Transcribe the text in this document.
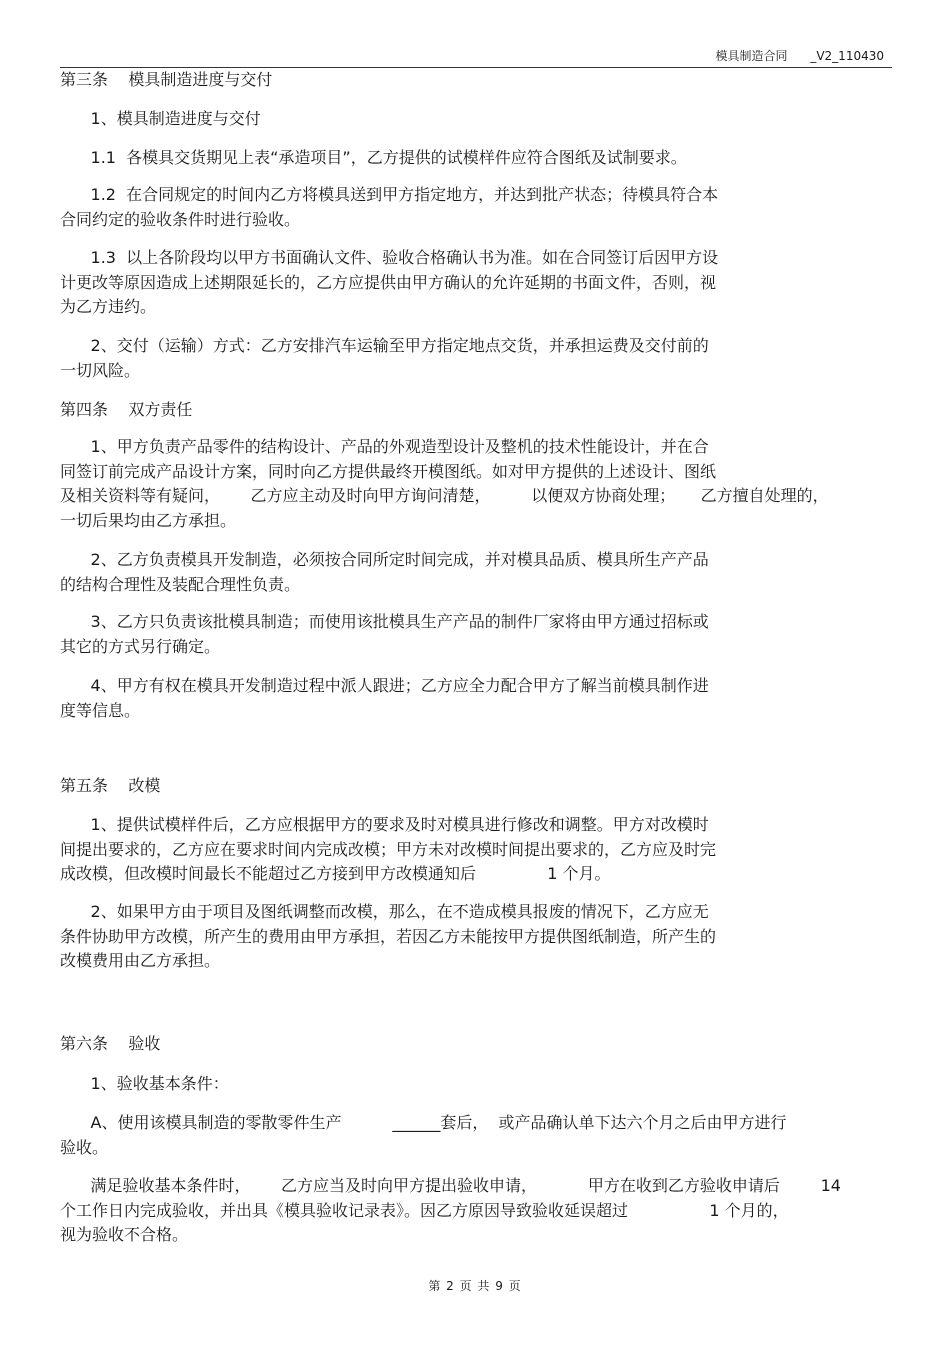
模具制造合同      _V2_110430
第三条    模具制造进度与交付
1、模具制造进度与交付
1.1  各模具交货期见上表“承造项目”，乙方提供的试模样件应符合图纸及试制要求。
1.2  在合同规定的时间内乙方将模具送到甲方指定地方，并达到批产状态；待模具符合本
合同约定的验收条件时进行验收。
1.3  以上各阶段均以甲方书面确认文件、验收合格确认书为准。如在合同签订后因甲方设
计更改等原因造成上述期限延长的，乙方应提供由甲方确认的允许延期的书面文件，否则，视
为乙方违约。
2、交付（运输）方式：乙方安排汽车运输至甲方指定地点交货，并承担运费及交付前的
一切风险。
第四条    双方责任
1、甲方负责产品零件的结构设计、产品的外观造型设计及整机的技术性能设计，并在合
同签订前完成产品设计方案，同时向乙方提供最终开模图纸。如对甲方提供的上述设计、图纸
及相关资料等有疑问，      乙方应主动及时向甲方询问清楚，        以便双方协商处理；     乙方擅自处理的，
一切后果均由乙方承担。
2、乙方负责模具开发制造，必须按合同所定时间完成，并对模具品质、模具所生产产品
的结构合理性及装配合理性负责。
3、乙方只负责该批模具制造；而使用该批模具生产产品的制件厂家将由甲方通过招标或
其它的方式另行确定。
4、甲方有权在模具开发制造过程中派人跟进；乙方应全力配合甲方了解当前模具制作进
度等信息。
第五条    改模
1、提供试模样件后，乙方应根据甲方的要求及时对模具进行修改和调整。甲方对改模时
间提出要求的，乙方应在要求时间内完成改模；甲方未对改模时间提出要求的，乙方应及时完
成改模，但改模时间最长不能超过乙方接到甲方改模通知后              1 个月。
2、如果甲方由于项目及图纸调整而改模，那么，在不造成模具报废的情况下，乙方应无
条件协助甲方改模，所产生的费用由甲方承担，若因乙方未能按甲方提供图纸制造，所产生的
改模费用由乙方承担。
第六条    验收
1、验收基本条件：
A、使用该模具制造的零散零件生产          ______套后，  或产品确认单下达六个月之后由甲方进行
验收。
满足验收基本条件时，      乙方应当及时向甲方提出验收申请，          甲方在收到乙方验收申请后        14
个工作日内完成验收，并出具《模具验收记录表》。因乙方原因导致验收延误超过                1 个月的，
视为验收不合格。
第 2 页 共 9 页
